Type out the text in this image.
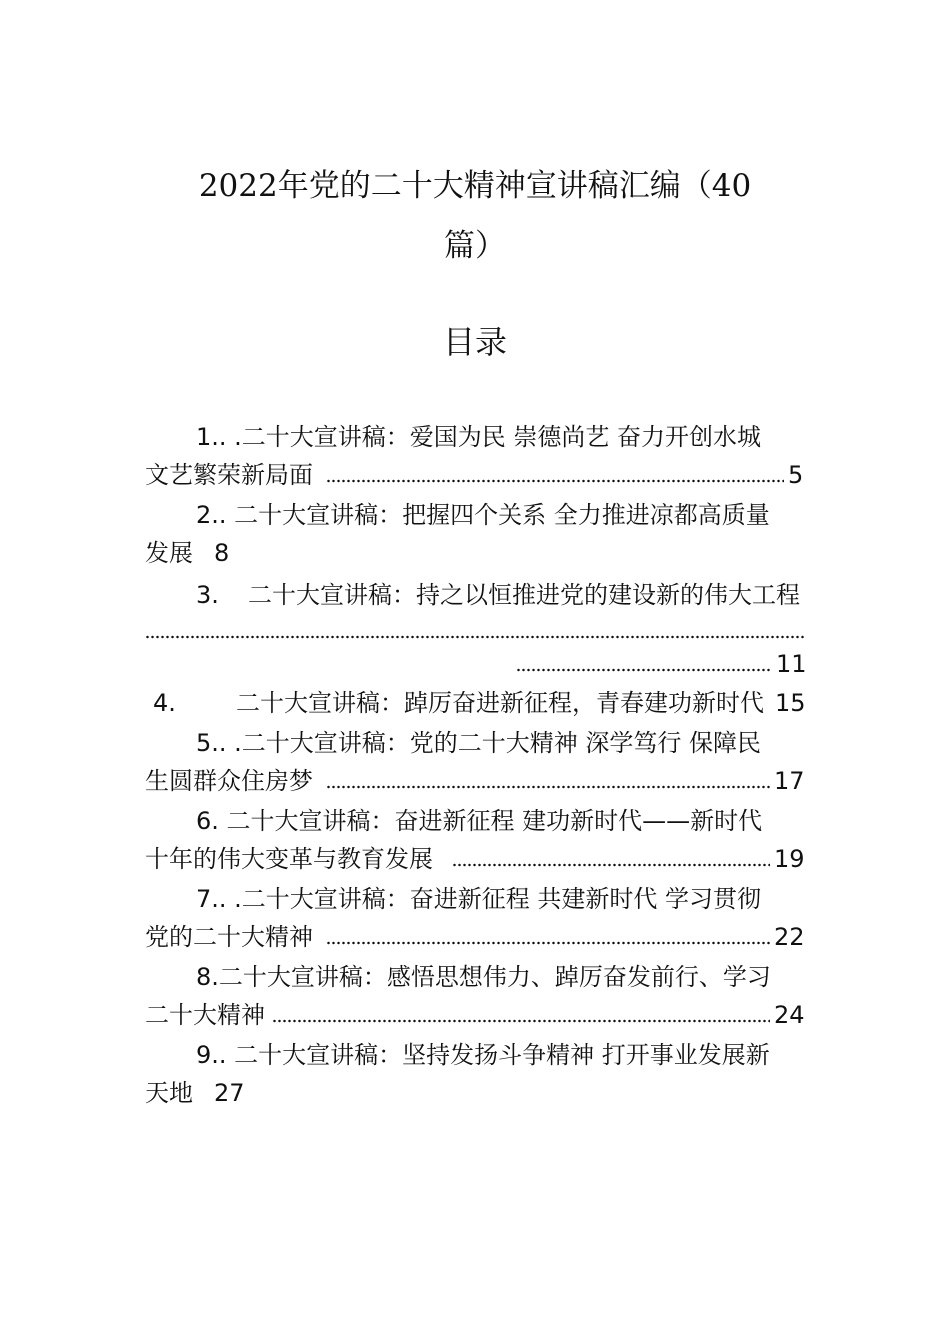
2022年党的二十大精神宣讲稿汇编（40
篇）
目录
1.. .二十大宣讲稿：爱国为民 崇德尚艺 奋力开创水城
文艺繁荣新局面	5
2.. 二十大宣讲稿：把握四个关系 全力推进凉都高质量
发展 8
3. 二十大宣讲稿：持之以恒推进党的建设新的伟大工程
11
4.	二十大宣讲稿：踔厉奋进新征程，青春建功新时代 15
5.. .二十大宣讲稿：党的二十大精神 深学笃行 保障民
生圆群众住房梦	17
6. 二十大宣讲稿：奋进新征程 建功新时代——新时代
十年的伟大变革与教育发展	19
7.. .二十大宣讲稿：奋进新征程 共建新时代 学习贯彻
党的二十大精神	22
8.二十大宣讲稿：感悟思想伟力、踔厉奋发前行、学习
二十大精神	24
9.. 二十大宣讲稿：坚持发扬斗争精神 打开事业发展新
天地 27
